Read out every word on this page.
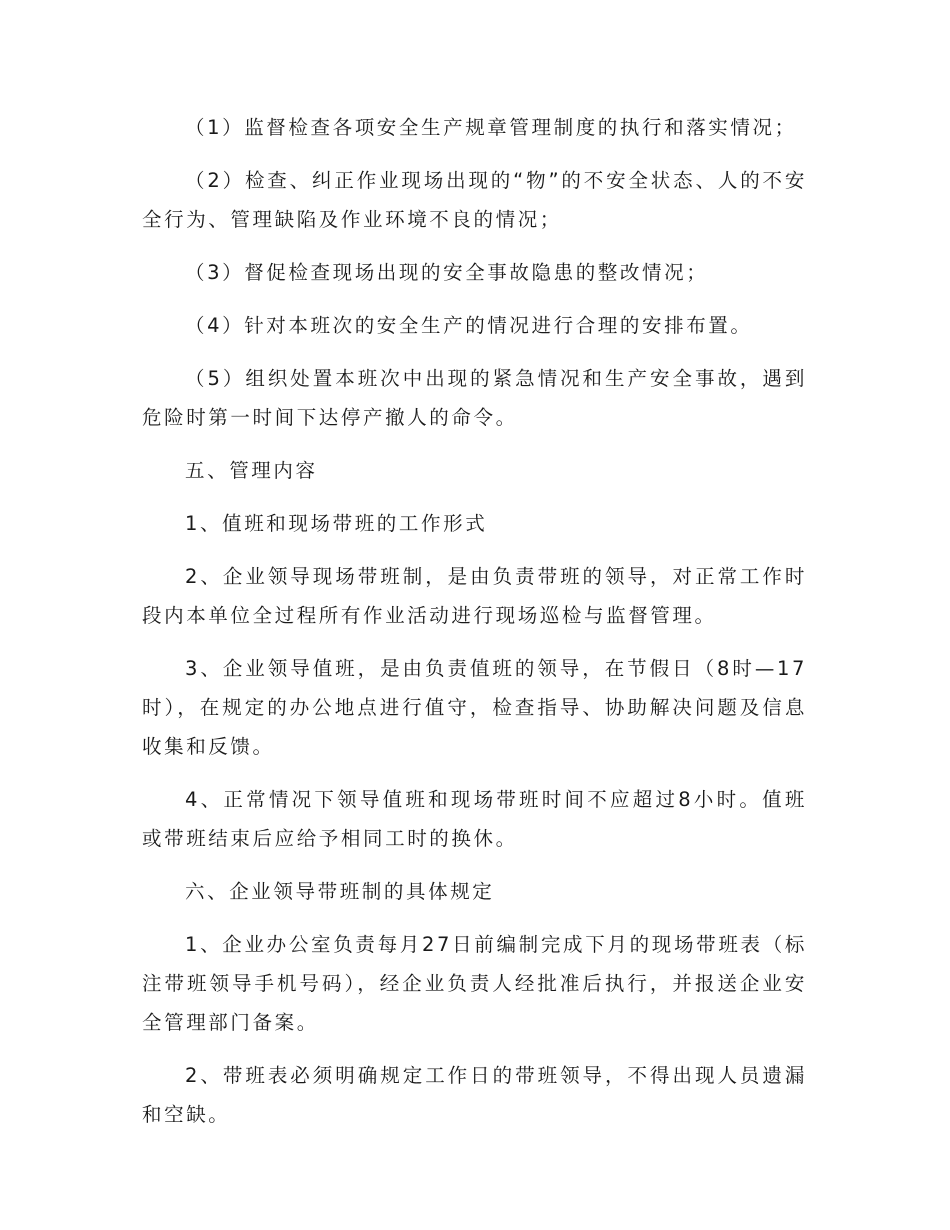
（1）监督检查各项安全生产规章管理制度的执行和落实情况；

（2）检查、纠正作业现场出现的“物”的不安全状态、人的不安全行为、管理缺陷及作业环境不良的情况；

（3）督促检查现场出现的安全事故隐患的整改情况；

（4）针对本班次的安全生产的情况进行合理的安排布置。

（5）组织处置本班次中出现的紧急情况和生产安全事故，遇到危险时第一时间下达停产撤人的命令。

五、管理内容

1、值班和现场带班的工作形式

2、企业领导现场带班制，是由负责带班的领导，对正常工作时段内本单位全过程所有作业活动进行现场巡检与监督管理。

3、企业领导值班，是由负责值班的领导，在节假日（8时—17时），在规定的办公地点进行值守，检查指导、协助解决问题及信息收集和反馈。

4、正常情况下领导值班和现场带班时间不应超过8小时。值班或带班结束后应给予相同工时的换休。

六、企业领导带班制的具体规定

1、企业办公室负责每月27日前编制完成下月的现场带班表（标注带班领导手机号码），经企业负责人经批准后执行，并报送企业安全管理部门备案。

2、带班表必须明确规定工作日的带班领导，不得出现人员遗漏和空缺。
